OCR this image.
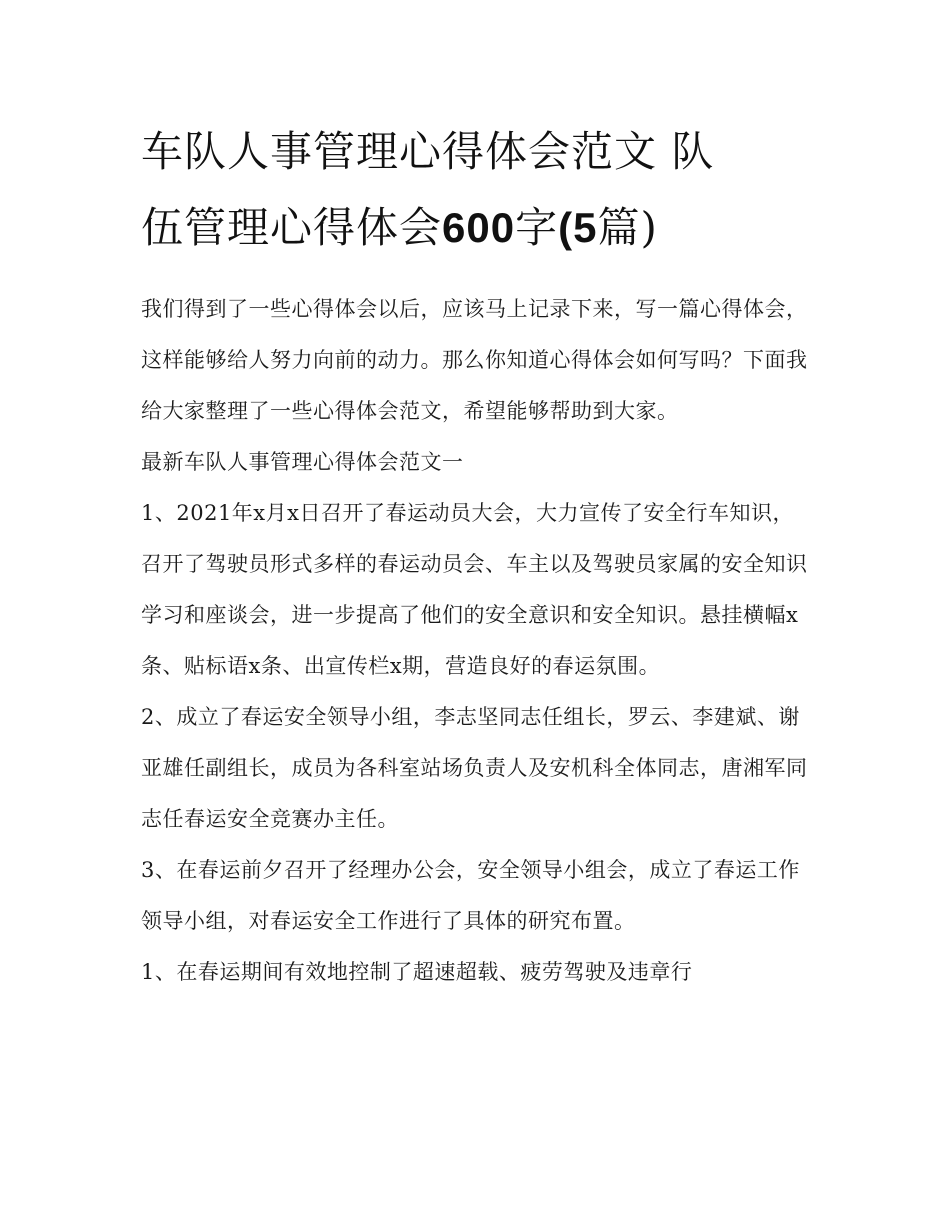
车队人事管理心得体会范文 队
伍管理心得体会600字(5篇)

我们得到了一些心得体会以后，应该马上记录下来，写一篇心得体会，这样能够给人努力向前的动力。那么你知道心得体会如何写吗？下面我给大家整理了一些心得体会范文，希望能够帮助到大家。

最新车队人事管理心得体会范文一

1、2021年x月x日召开了春运动员大会，大力宣传了安全行车知识，召开了驾驶员形式多样的春运动员会、车主以及驾驶员家属的安全知识学习和座谈会，进一步提高了他们的安全意识和安全知识。悬挂横幅x条、贴标语x条、出宣传栏x期，营造良好的春运氛围。

2、成立了春运安全领导小组，李志坚同志任组长，罗云、李建斌、谢亚雄任副组长，成员为各科室站场负责人及安机科全体同志，唐湘军同志任春运安全竞赛办主任。

3、在春运前夕召开了经理办公会，安全领导小组会，成立了春运工作领导小组，对春运安全工作进行了具体的研究布置。

1、在春运期间有效地控制了超速超载、疲劳驾驶及违章行
